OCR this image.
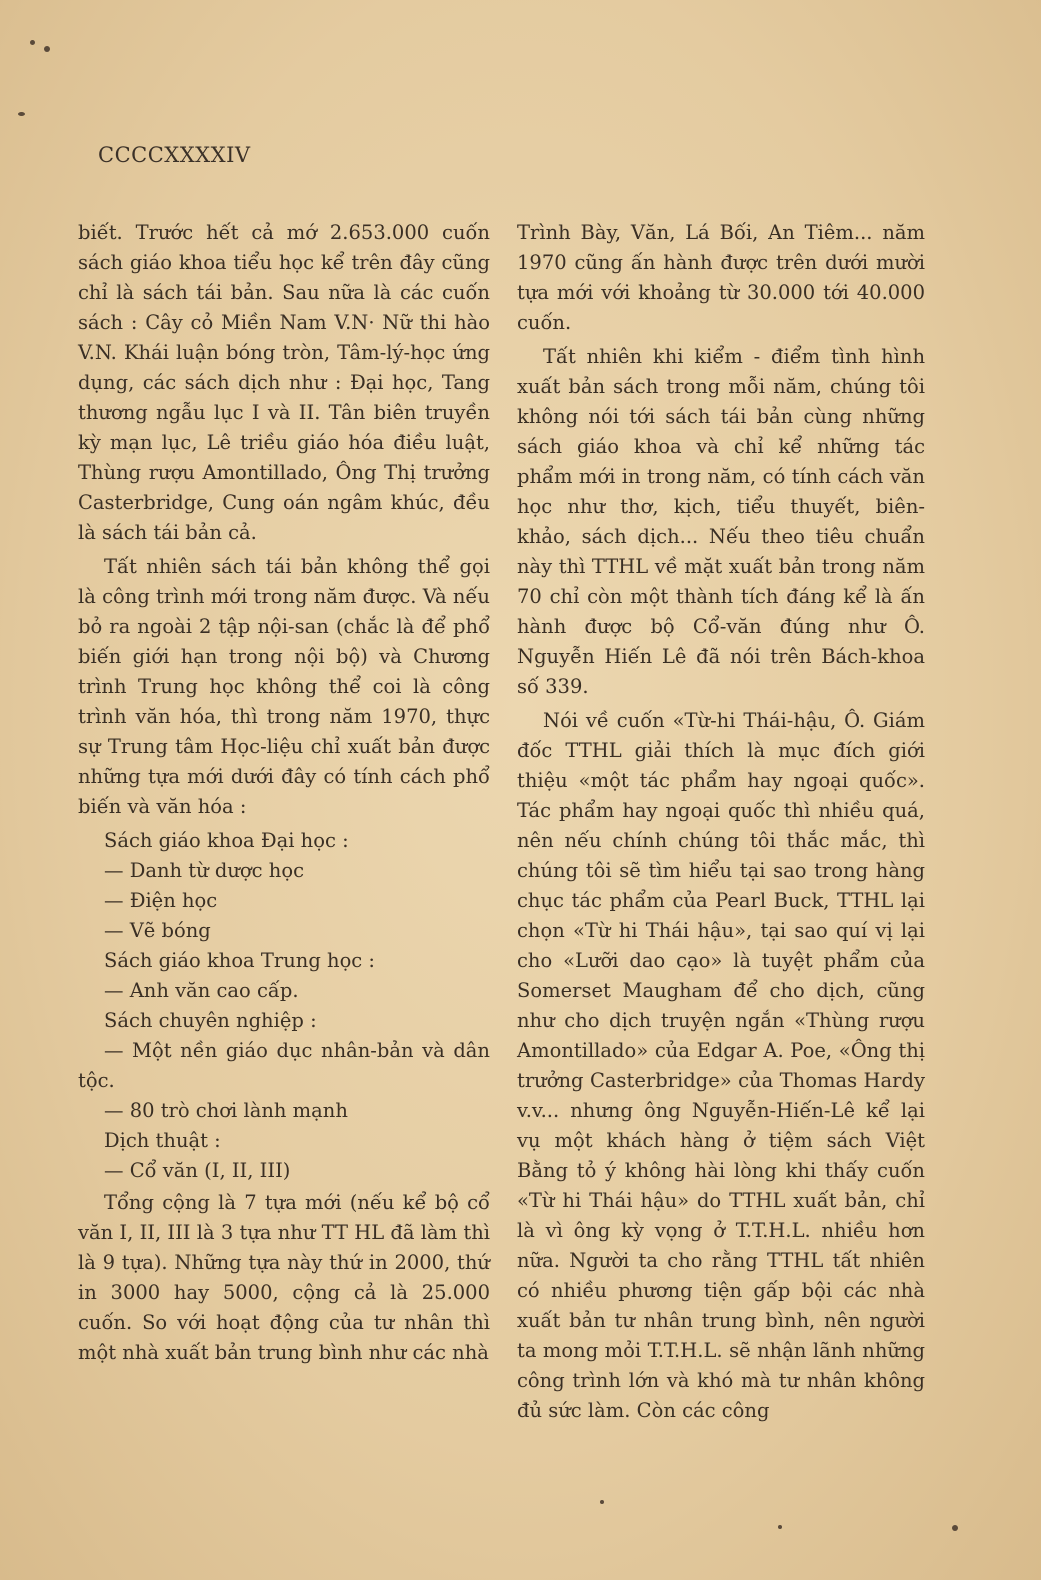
CCCCXXXXIV

biết. Trước hết cả mớ 2.653.000 cuốn sách giáo khoa tiểu học kể trên đây cũng chỉ là sách tái bản. Sau nữa là các cuốn sách : Cây cỏ Miền Nam V.N· Nữ thi hào V.N. Khái luận bóng tròn, Tâm-lý-học ứng dụng, các sách dịch như : Đại học, Tang thương ngẫu lục I và II. Tân biên truyền kỳ mạn lục, Lê triều giáo hóa điều luật, Thùng rượu Amontillado, Ông Thị trưởng Casterbridge, Cung oán ngâm khúc, đều là sách tái bản cả.

Tất nhiên sách tái bản không thể gọi là công trình mới trong năm được. Và nếu bỏ ra ngoài 2 tập nội-san (chắc là để phổ biến giới hạn trong nội bộ) và Chương trình Trung học không thể coi là công trình văn hóa, thì trong năm 1970, thực sự Trung tâm Học-liệu chỉ xuất bản được những tựa mới dưới đây có tính cách phổ biến và văn hóa :

Sách giáo khoa Đại học :

— Danh từ dược học

— Điện học

— Vẽ bóng

Sách giáo khoa Trung học :

— Anh văn cao cấp.

Sách chuyên nghiệp :

— Một nền giáo dục nhân-bản và dân tộc.

— 80 trò chơi lành mạnh

Dịch thuật :

— Cổ văn (I, II, III)

Tổng cộng là 7 tựa mới (nếu kể bộ cổ văn I, II, III là 3 tựa như TT HL đã làm thì là 9 tựa). Những tựa này thứ in 2000, thứ in 3000 hay 5000, cộng cả là 25.000 cuốn. So với hoạt động của tư nhân thì một nhà xuất bản trung bình như các nhà

Trình Bày, Văn, Lá Bối, An Tiêm... năm 1970 cũng ấn hành được trên dưới mười tựa mới với khoảng từ 30.000 tới 40.000 cuốn.

Tất nhiên khi kiểm - điểm tình hình xuất bản sách trong mỗi năm, chúng tôi không nói tới sách tái bản cùng những sách giáo khoa và chỉ kể những tác phẩm mới in trong năm, có tính cách văn học như thơ, kịch, tiểu thuyết, biên-khảo, sách dịch... Nếu theo tiêu chuẩn này thì TTHL về mặt xuất bản trong năm 70 chỉ còn một thành tích đáng kể là ấn hành được bộ Cổ-văn đúng như Ô. Nguyễn Hiến Lê đã nói trên Bách-khoa số 339.

Nói về cuốn «Từ-hi Thái-hậu, Ô. Giám đốc TTHL giải thích là mục đích giới thiệu «một tác phẩm hay ngoại quốc». Tác phẩm hay ngoại quốc thì nhiều quá, nên nếu chính chúng tôi thắc mắc, thì chúng tôi sẽ tìm hiểu tại sao trong hàng chục tác phẩm của Pearl Buck, TTHL lại chọn «Từ hi Thái hậu», tại sao quí vị lại cho «Lưỡi dao cạo» là tuyệt phẩm của Somerset Maugham để cho dịch, cũng như cho dịch truyện ngắn «Thùng rượu Amontillado» của Edgar A. Poe, «Ông thị trưởng Casterbridge» của Thomas Hardy v.v... nhưng ông Nguyễn-Hiến-Lê kể lại vụ một khách hàng ở tiệm sách Việt Bằng tỏ ý không hài lòng khi thấy cuốn «Từ hi Thái hậu» do TTHL xuất bản, chỉ là vì ông kỳ vọng ở T.T.H.L. nhiều hơn nữa. Người ta cho rằng TTHL tất nhiên có nhiều phương tiện gấp bội các nhà xuất bản tư nhân trung bình, nên người ta mong mỏi T.T.H.L. sẽ nhận lãnh những công trình lớn và khó mà tư nhân không đủ sức làm. Còn các công
